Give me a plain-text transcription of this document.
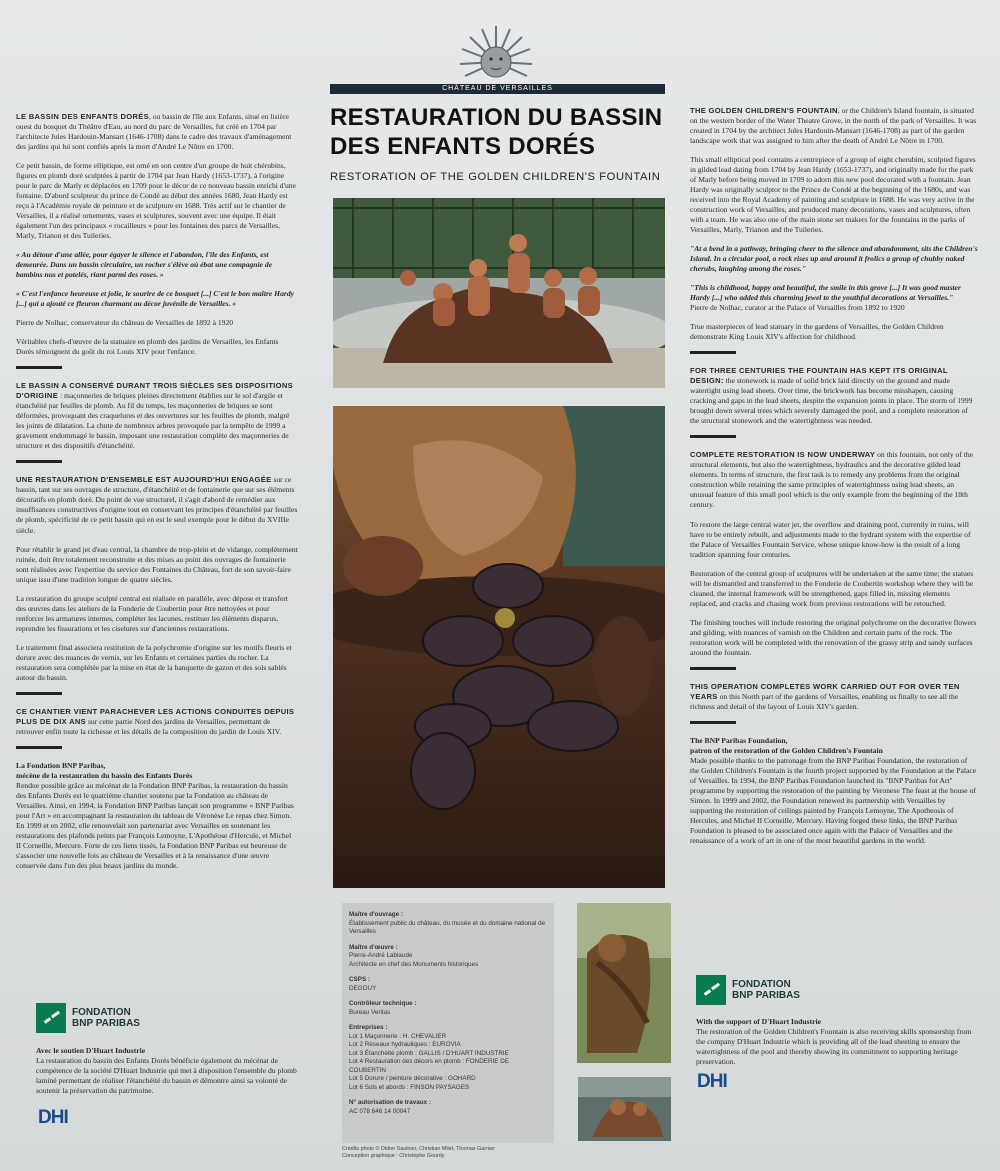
CHÂTEAU DE VERSAILLES
RESTAURATION DU BASSIN
DES ENFANTS DORÉS
RESTORATION OF THE GOLDEN CHILDREN'S FOUNTAIN

LE BASSIN DES ENFANTS DORÉS, ou bassin de l'île aux Enfants, situé en lisière ouest du bosquet du Théâtre d'Eau, au nord du parc de Versailles, fut créé en 1704 par l'architecte Jules Hardouin-Mansart (1646-1708) dans le cadre des travaux d'aménagement des jardins qui lui sont confiés après la mort d'André Le Nôtre en 1700.

Ce petit bassin, de forme elliptique, est orné en son centre d'un groupe de huit chérubins, figures en plomb doré sculptées à partir de 1704 par Jean Hardy (1653-1737), à l'origine pour le parc de Marly et déplacées en 1709 pour le décor de ce nouveau bassin enrichi d'une fontaine. D'abord sculpteur du prince de Condé au début des années 1680, Jean Hardy est reçu à l'Académie royale de peinture et de sculpture en 1688. Très actif sur le chantier de Versailles, il a réalisé ornements, vases et sculptures, souvent avec une équipe. Il était également l'un des principaux « rocailleurs » pour les fontaines des parcs de Versailles, Marly, Trianon et des Tuileries.

« Au détour d'une allée, pour égayer le silence et l'abandon, l'île des Enfants, est demeurée. Dans un bassin circulaire, un rocher s'élève où ébat une compagnie de bambins nus et potelés, riant parmi des roses. »

« C'est l'enfance heureuse et jolie, le sourire de ce bosquet [...] C'est le bon maître Hardy [...] qui a ajouté ce fleuron charmant au décor juvénile de Versailles. »

Pierre de Nolhac, conservateur du château de Versailles de 1892 à 1920

Véritables chefs-d'œuvre de la statuaire en plomb des jardins de Versailles, les Enfants Dorés témoignent du goût du roi Louis XIV pour l'enfance.

LE BASSIN A CONSERVÉ DURANT TROIS SIÈCLES SES DISPOSITIONS D'ORIGINE : maçonneries de briques pleines directement établies sur le sol d'argile et étanchéité par feuilles de plomb. Au fil du temps, les maçonneries de briques se sont déformées, provoquant des craquelures et des ouvertures sur les feuilles de plomb, malgré les joints de dilatation. La chute de nombreux arbres provoquée par la tempête de 1999 a gravement endommagé le bassin, imposant une restauration complète des maçonneries de structure et des dispositifs d'étanchéité.

UNE RESTAURATION D'ENSEMBLE EST AUJOURD'HUI ENGAGÉE sur ce bassin, tant sur ses ouvrages de structure, d'étanchéité et de fontainerie que sur ses éléments décoratifs en plomb doré. Du point de vue structurel, il s'agit d'abord de remédier aux insuffisances constructives d'origine tout en conservant les principes d'étanchéité par feuilles de plomb, spécificité de ce petit bassin qui en est le seul exemple pour le début du XVIIIe siècle.

Pour rétablir le grand jet d'eau central, la chambre de trop-plein et de vidange, complètement ruinée, doit être totalement reconstruite et des mises au point des ouvrages de fontainerie sont réalisées avec l'expertise du service des Fontaines du Château, fort de son savoir-faire unique issu d'une tradition longue de quatre siècles.

La restauration du groupe sculpté central est réalisée en parallèle, avec dépose et transfert des œuvres dans les ateliers de la Fonderie de Coubertin pour être nettoyées et pour renforcer les armatures internes, compléter les lacunes, restituer les éléments disparus, reprendre les fissurations et les ciselures sur d'anciennes restaurations.

Le traitement final associera restitution de la polychromie d'origine sur les motifs fleuris et dorure avec des nuances de vernis, sur les Enfants et certaines parties du rocher. La restauration sera complétée par la mise en état de la banquette de gazon et des sols sablés autour du bassin.

CE CHANTIER VIENT PARACHEVER LES ACTIONS CONDUITES DEPUIS PLUS DE DIX ANS sur cette partie Nord des jardins de Versailles, permettant de retrouver enfin toute la richesse et les détails de la composition du jardin de Louis XIV.

La Fondation BNP Paribas,
mécène de la restauration du bassin des Enfants Dorés
Rendue possible grâce au mécénat de la Fondation BNP Paribas, la restauration du bassin des Enfants Dorés est le quatrième chantier soutenu par la Fondation au château de Versailles. Ainsi, en 1994, la Fondation BNP Paribas lançait son programme « BNP Paribas pour l'Art » en accompagnant la restauration du tableau de Véronèse Le repas chez Simon. En 1999 et en 2002, elle renouvelait son partenariat avec Versailles en soutenant les restaurations des plafonds peints par François Lemoyne, L'Apothéose d'Hercule, et Michel II Corneille, Mercure. Forte de ces liens tissés, la Fondation BNP Paribas est heureuse de s'associer une nouvelle fois au château de Versailles et à la renaissance d'une œuvre conservée dans l'un des plus beaux jardins du monde.

FONDATION
BNP PARIBAS

Avec le soutien D'Huart Industrie
La restauration du bassin des Enfants Dorés bénéficie également du mécénat de compétence de la société D'Huart Industrie qui met à disposition l'ensemble du plomb laminé permettant de réaliser l'étanchéité du bassin et démontre ainsi sa volonté de soutenir la préservation du patrimoine.

DHI

THE GOLDEN CHILDREN'S FOUNTAIN, or the Children's Island fountain, is situated on the western border of the Water Theatre Grove, in the north of the park of Versailles. It was created in 1704 by the architect Jules Hardouin-Mansart (1646-1708) as part of the garden landscape work that was assigned to him after the death of André Le Nôtre in 1700.

This small elliptical pool contains a centrepiece of a group of eight cherubim, sculpted figures in gilded lead dating from 1704 by Jean Hardy (1653-1737), and originally made for the park of Marly before being moved in 1709 to adorn this new pool decorated with a fountain. Jean Hardy was originally sculptor to the Prince de Condé at the beginning of the 1680s, and was received into the Royal Academy of painting and sculpture in 1688. He was very active in the construction work of Versailles, and produced many decorations, vases and sculptures, often with a team. He was also one of the main stone set makers for the fountains in the parks of Versailles, Marly, Trianon and the Tuileries.

"At a bend in a pathway, bringing cheer to the silence and abandonment, sits the Children's Island. In a circular pool, a rock rises up and around it frolics a group of chubby naked cherubs, laughing among the roses."

"This is childhood, happy and beautiful, the smile in this grove [...] It was good master Hardy [...] who added this charming jewel to the youthful decorations at Versailles."

Pierre de Nolhac, curator at the Palace of Versailles from 1892 to 1920

True masterpieces of lead statuary in the gardens of Versailles, the Golden Children demonstrate King Louis XIV's affection for childhood.

FOR THREE CENTURIES THE FOUNTAIN HAS KEPT ITS ORIGINAL DESIGN: the stonework is made of solid brick laid directly on the ground and made watertight using lead sheets. Over time, the brickwork has become misshapen, causing cracking and gaps in the lead sheets, despite the expansion joints in place. The storm of 1999 brought down several trees which severely damaged the pool, and a complete restoration of the structural stonework and the watertightness was needed.

COMPLETE RESTORATION IS NOW UNDERWAY on this fountain, not only of the structural elements, but also the watertightness, hydraulics and the decorative gilded lead elements. In terms of structure, the first task is to remedy any problems from the original construction while retaining the same principles of watertightness using lead sheets, an unusual feature of this small pool which is the only example from the beginning of the 18th century.

To restore the large central water jet, the overflow and draining pool, currently in ruins, will have to be entirely rebuilt, and adjustments made to the hydrant system with the expertise of the Palace of Versailles Fountain Service, whose unique know-how is the result of a long tradition spanning four centuries.

Restoration of the central group of sculptures will be undertaken at the same time; the statues will be dismantled and transferred to the Fonderie de Coubertin workshop where they will be cleaned, the internal framework will be strengthened, gaps filled in, missing elements replaced, and cracks and chasing work from previous restorations will be retouched.

The finishing touches will include restoring the original polychrome on the decorative flowers and gilding, with nuances of varnish on the Children and certain parts of the rock. The restoration work will be completed with the renovation of the grassy strip and sandy surfaces around the fountain.

THIS OPERATION COMPLETES WORK CARRIED OUT FOR OVER TEN YEARS on this North part of the gardens of Versailles, enabling us finally to see all the richness and detail of the layout of Louis XIV's garden.

The BNP Paribas Foundation,
patron of the restoration of the Golden Children's Fountain
Made possible thanks to the patronage from the BNP Paribas Foundation, the restoration of the Golden Children's Fountain is the fourth project supported by the Foundation at the Palace of Versailles. In 1994, the BNP Paribas Foundation launched its "BNP Paribas for Art" programme by supporting the restoration of the painting by Veronese The feast at the house of Simon. In 1999 and 2002, the Foundation renewed its partnership with Versailles by supporting the restoration of ceilings painted by François Lemoyne, The Apotheosis of Hercules, and Michel II Corneille, Mercury. Having forged these links, the BNP Paribas Foundation is pleased to be associated once again with the Palace of Versailles and the renaissance of a work of art in one of the most beautiful gardens in the world.

FONDATION
BNP PARIBAS

With the support of D'Huart Industrie
The restoration of the Golden Children's Fountain is also receiving skills sponsorship from the company D'Huart Industrie which is providing all of the lead sheeting to ensure the watertightness of the pool and thereby showing its commitment to supporting heritage preservation.

DHI
Maître d'ouvrage :
Établissement public du château, du musée et du domaine national de Versailles
Maître d'œuvre :
Pierre-André Lablaude
Architecte en chef des Monuments historiques
CSPS :
DEGOUY
Contrôleur technique :
Bureau Veritas
Entreprises :
Lot 1 Maçonnerie : H. CHEVALIER
Lot 2 Réseaux hydrauliques : EUROVIA
Lot 3 Étanchéité plomb : GALLIS / D'HUART INDUSTRIE
Lot 4 Restauration des décors en plomb : FONDERIE DE COUBERTIN
Lot 5 Dorure / peinture décorative : GOHARD
Lot 6 Sols et abords : FINSON PAYSAGES
N° autorisation de travaux :
AC 078 646 14 00047
Crédits photo © Didier Saulnier, Christian Milet, Thomas Garnier
Conception graphique : Christophe Gourdy
